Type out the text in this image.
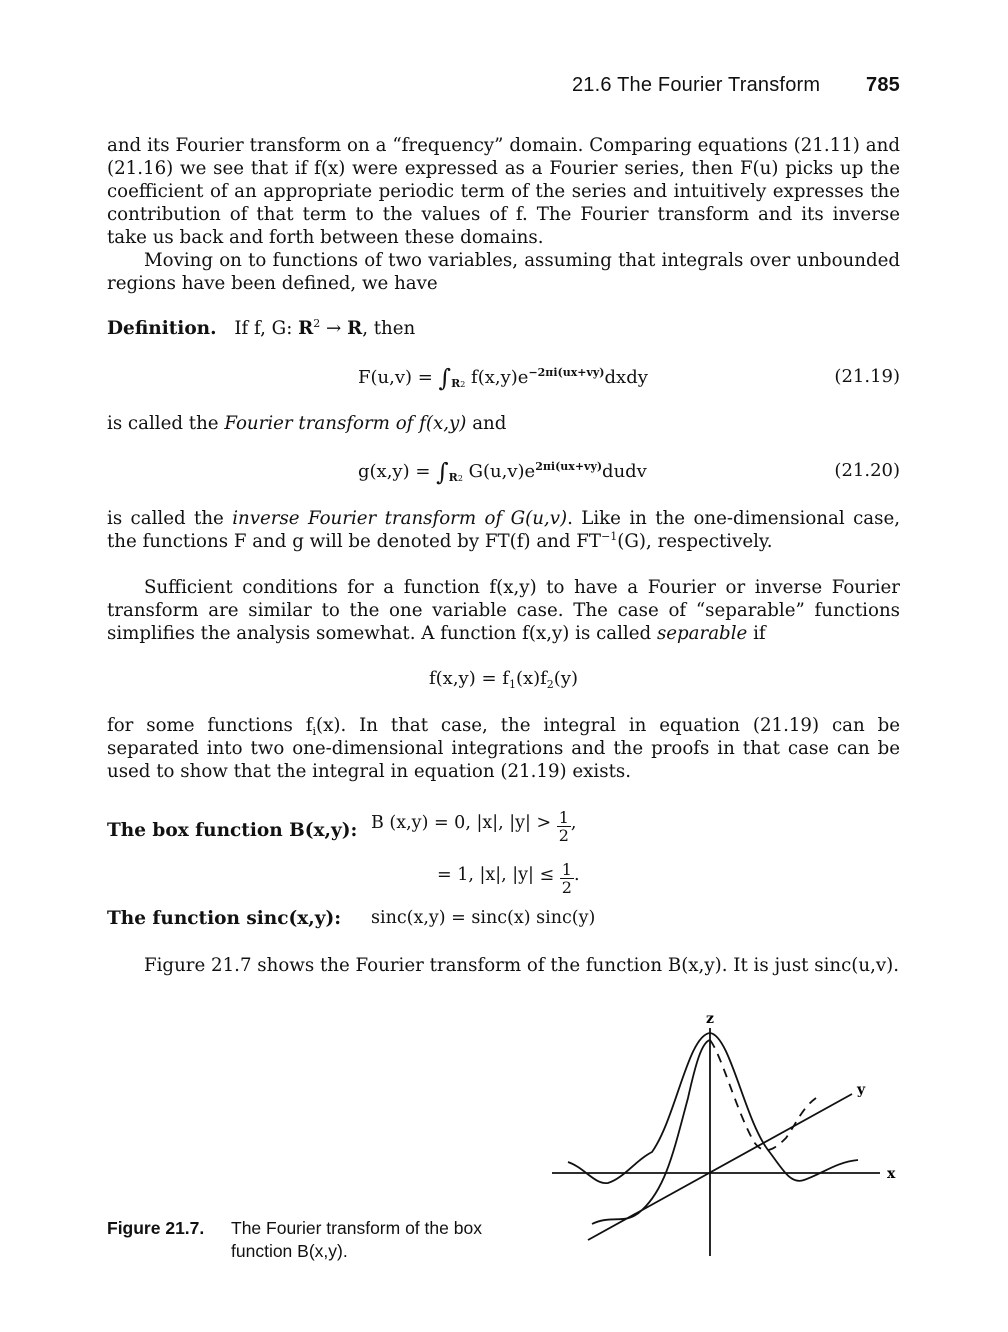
21.6 The Fourier Transform 785

and its Fourier transform on a “frequency” domain. Comparing equations (21.11) and (21.16) we see that if f(x) were expressed as a Fourier series, then F(u) picks up the coefficient of an appropriate periodic term of the series and intuitively expresses the contribution of that term to the values of f. The Fourier transform and its inverse take us back and forth between these domains.

Moving on to functions of two variables, assuming that integrals over unbounded regions have been defined, we have

Definition. If f, G: $R^2 \to R$, then
$F(u,v) = \int_{R2}$ $f(x,y)e^{-2\pi i(ux+vy)}dxdy$	(21.19)
is called the Fourier transform of f(x,y) and
$g(x,y) = \int_{R2}$ $G(u,v)e^{2\pi i(ux+vy)}dudv$	(21.20)
is called the inverse Fourier transform of G(u,v). Like in the one-dimensional case, the functions F and g will be denoted by FT(f) and $FT^{-1}(G)$, respectively.
Sufficient conditions for a function f(x,y) to have a Fourier or inverse Fourier transform are similar to the one variable case. The case of “separable” functions simplifies the analysis somewhat. A function f(x,y) is called separable if
$f(x,y) = f_1(x)f_2(y)$
for some functions $f_i(x)$. In that case, the integral in equation (21.19) can be separated into two one-dimensional integrations and the proofs in that case can be used to show that the integral in equation (21.19) exists.
The box function B(x,y): B (x,y) = 0, |x|, $|y| > \frac{1}{2}$ ,
= 1, |x|, $|y| \le \frac{1}{2}$ .
The function sinc(x,y): sinc(x,y) = sinc(x) sinc(y)

Figure 21.7 shows the Fourier transform of the function B(x,y). It is just sinc(u,v).

z
y
x
Figure 21.7. The Fourier transform of the box function B(x,y).
